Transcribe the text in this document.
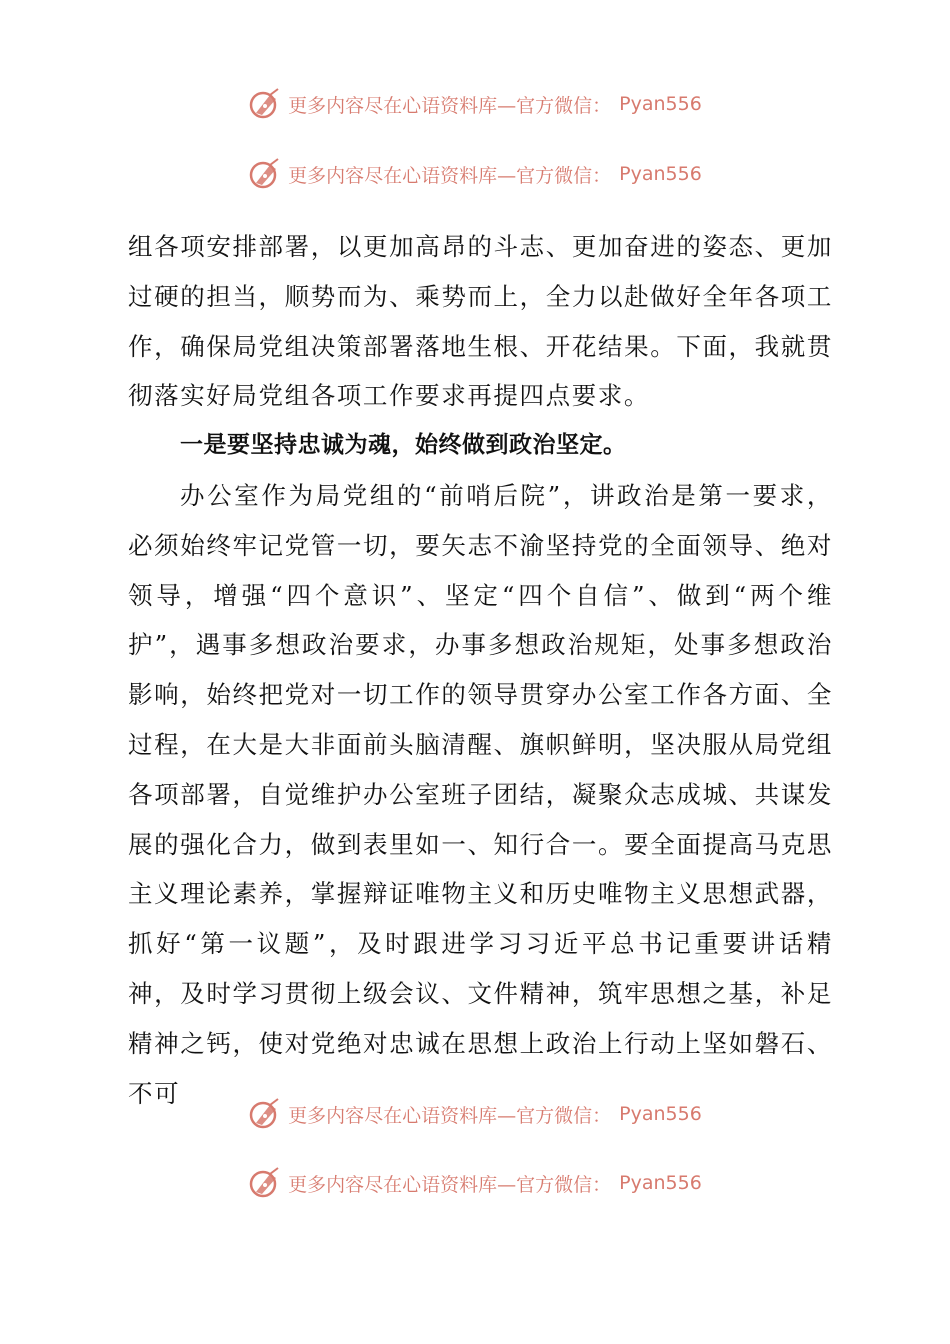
更多内容尽在心语资料库—官方微信： Pyan556
更多内容尽在心语资料库—官方微信： Pyan556

组各项安排部署，以更加高昂的斗志、更加奋进的姿态、更加过硬的担当，顺势而为、乘势而上，全力以赴做好全年各项工作，确保局党组决策部署落地生根、开花结果。下面，我就贯彻落实好局党组各项工作要求再提四点要求。

一是要坚持忠诚为魂，始终做到政治坚定。

办公室作为局党组的“前哨后院”，讲政治是第一要求，必须始终牢记党管一切，要矢志不渝坚持党的全面领导、绝对领导，增强“四个意识”、坚定“四个自信”、做到“两个维护”，遇事多想政治要求，办事多想政治规矩，处事多想政治影响，始终把党对一切工作的领导贯穿办公室工作各方面、全过程，在大是大非面前头脑清醒、旗帜鲜明，坚决服从局党组各项部署，自觉维护办公室班子团结，凝聚众志成城、共谋发展的强化合力，做到表里如一、知行合一。要全面提高马克思主义理论素养，掌握辩证唯物主义和历史唯物主义思想武器，抓好“第一议题”，及时跟进学习习近平总书记重要讲话精神，及时学习贯彻上级会议、文件精神，筑牢思想之基，补足精神之钙，使对党绝对忠诚在思想上政治上行动上坚如磐石、不可

更多内容尽在心语资料库—官方微信： Pyan556
更多内容尽在心语资料库—官方微信： Pyan556
